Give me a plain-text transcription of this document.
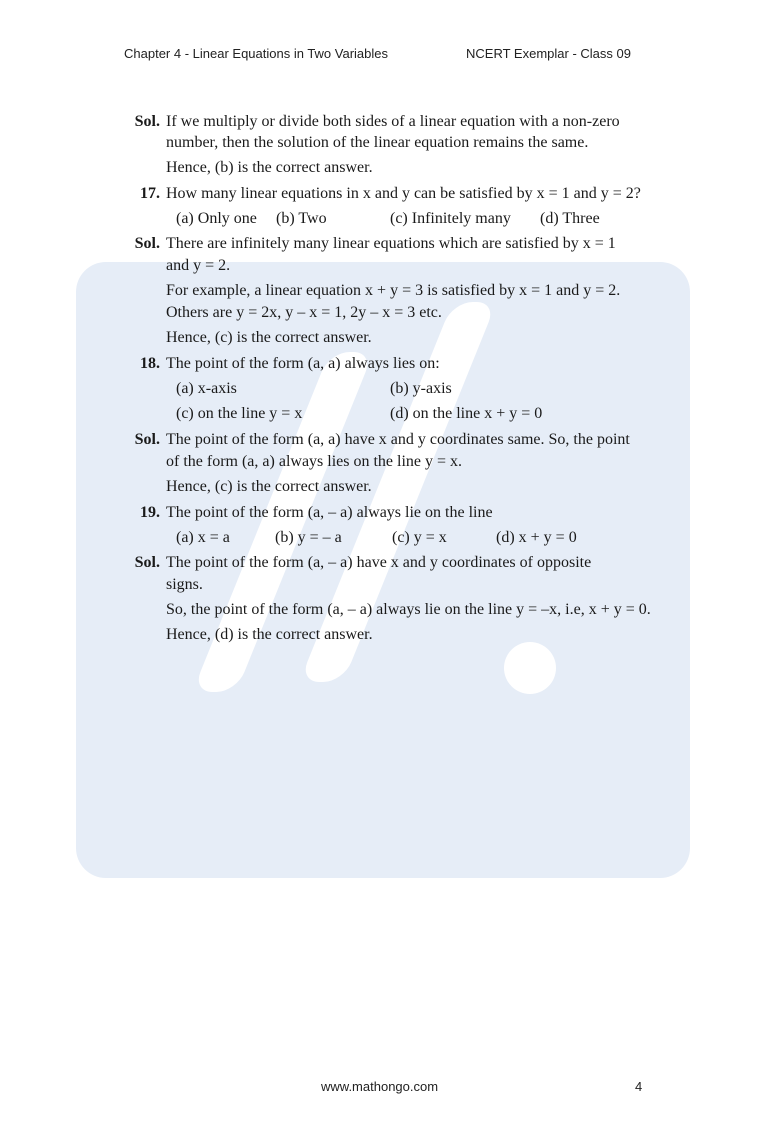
Chapter 4 - Linear Equations in Two Variables	NCERT Exemplar - Class 09
Sol. If we multiply or divide both sides of a linear equation with a non-zero
number, then the solution of the linear equation remains the same.
Hence, (b) is the correct answer.
17. How many linear equations in x and y can be satisfied by x = 1 and y = 2?
(a) Only one (b) Two	(c) Infinitely many (d) Three
Sol. There are infinitely many linear equations which are satisfied by x = 1
and y = 2.
For example, a linear equation x + y = 3 is satisfied by x = 1 and y = 2.
Others are y = 2x, y – x = 1, 2y – x = 3 etc.
Hence, (c) is the correct answer.
18. The point of the form (a, a) always lies on:
(a) x-axis	(b) y-axis
(c) on the line y = x	(d) on the line x + y = 0
Sol. The point of the form (a, a) have x and y coordinates same. So, the point
of the form (a, a) always lies on the line y = x.
Hence, (c) is the correct answer.
19. The point of the form (a, – a) always lie on the line
(a) x = a	(b) y = – a	(c) y = x	(d) x + y = 0
Sol. The point of the form (a, – a) have x and y coordinates of opposite
signs.
So, the point of the form (a, – a) always lie on the line y = –x, i.e, x + y = 0.
Hence, (d) is the correct answer.
www.mathongo.com	4
